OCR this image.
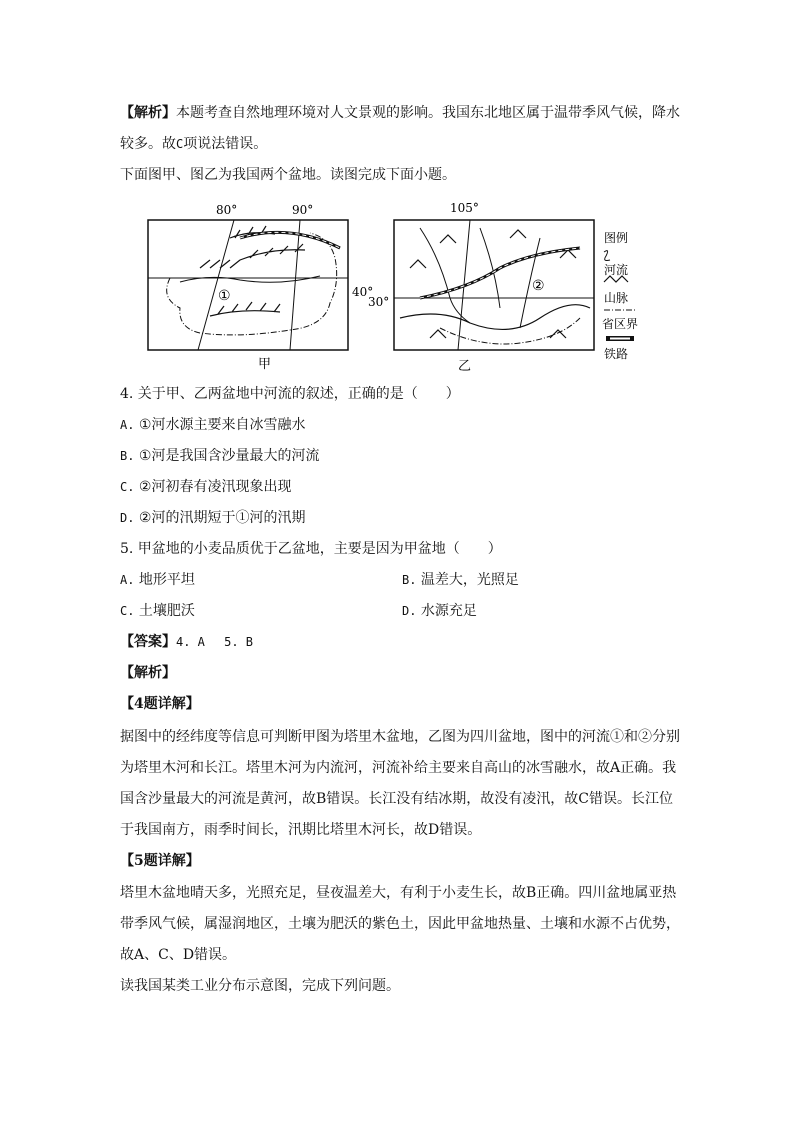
【解析】本题考查自然地理环境对人文景观的影响。我国东北地区属于温带季风气候，降水
较多。故C项说法错误。
下面图甲、图乙为我国两个盆地。读图完成下面小题。
80°	90°
40°
①
甲
105°
30°
②
乙
图例
河流
山脉
省区界
铁路
4. 关于甲、乙两盆地中河流的叙述，正确的是（　　）
A. ①河水源主要来自冰雪融水
B. ①河是我国含沙量最大的河流
C. ②河初春有凌汛现象出现
D. ②河的汛期短于①河的汛期
5. 甲盆地的小麦品质优于乙盆地，主要是因为甲盆地（　　）
A. 地形平坦	B. 温差大，光照足
C. 土壤肥沃	D. 水源充足
【答案】4. A　 5. B
【解析】
【4题详解】
据图中的经纬度等信息可判断甲图为塔里木盆地，乙图为四川盆地，图中的河流①和②分别
为塔里木河和长江。塔里木河为内流河，河流补给主要来自高山的冰雪融水，故A正确。我
国含沙量最大的河流是黄河，故B错误。长江没有结冰期，故没有凌汛，故C错误。长江位
于我国南方，雨季时间长，汛期比塔里木河长，故D错误。
【5题详解】
塔里木盆地晴天多，光照充足，昼夜温差大，有利于小麦生长，故B正确。四川盆地属亚热
带季风气候，属湿润地区，土壤为肥沃的紫色土，因此甲盆地热量、土壤和水源不占优势，
故A、C、D错误。
读我国某类工业分布示意图，完成下列问题。
